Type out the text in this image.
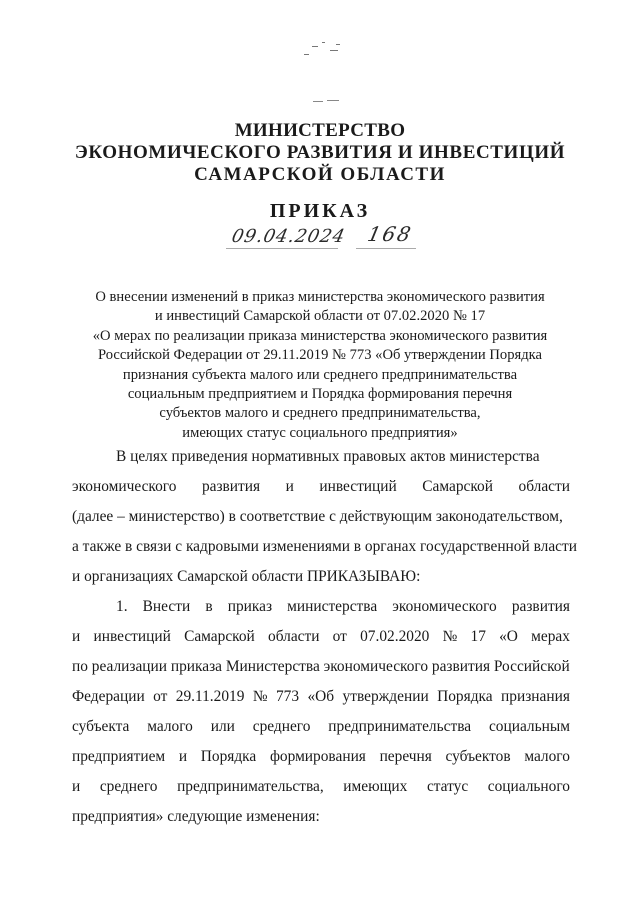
МИНИСТЕРСТВО
ЭКОНОМИЧЕСКОГО РАЗВИТИЯ И ИНВЕСТИЦИЙ
САМАРСКОЙ ОБЛАСТИ
ПРИКАЗ
09.04.2024 168
О внесении изменений в приказ министерства экономического развития
и инвестиций Самарской области от 07.02.2020 № 17
«О мерах по реализации приказа министерства экономического развития
Российской Федерации от 29.11.2019 № 773 «Об утверждении Порядка
признания субъекта малого или среднего предпринимательства
социальным предприятием и Порядка формирования перечня
субъектов малого и среднего предпринимательства,
имеющих статус социального предприятия»
В целях приведения нормативных правовых актов министерства
экономического развития и инвестиций Самарской области
(далее – министерство) в соответствие с действующим законодательством,
а также в связи с кадровыми изменениями в органах государственной власти
и организациях Самарской области ПРИКАЗЫВАЮ:
1. Внести в приказ министерства экономического развития
и инвестиций Самарской области от 07.02.2020 № 17 «О мерах
по реализации приказа Министерства экономического развития Российской
Федерации от 29.11.2019 № 773 «Об утверждении Порядка признания
субъекта малого или среднего предпринимательства социальным
предприятием и Порядка формирования перечня субъектов малого
и среднего предпринимательства, имеющих статус социального
предприятия» следующие изменения:
